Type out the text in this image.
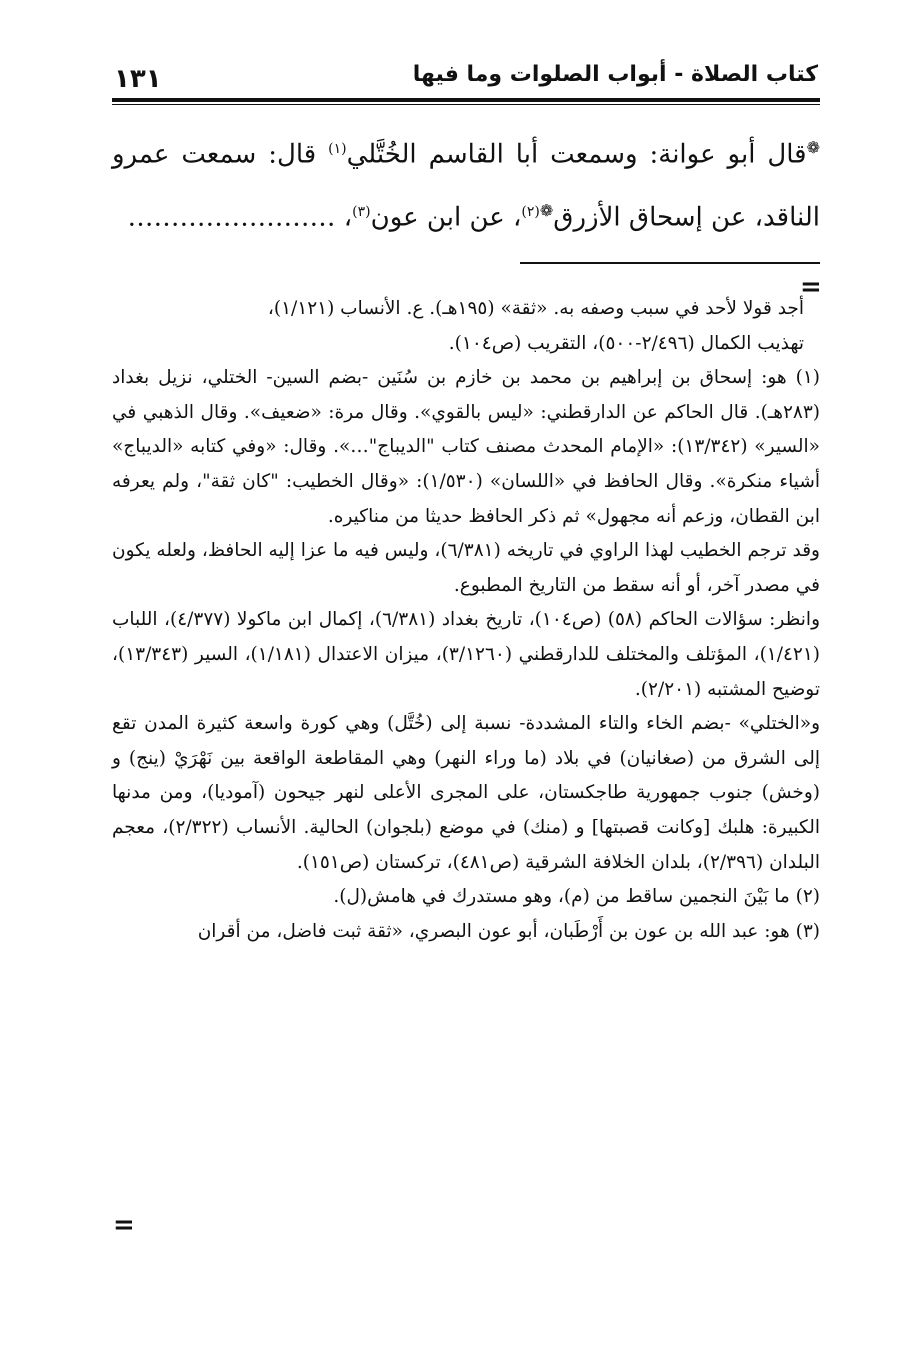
١٣١	كتاب الصلاة - أبواب الصلوات وما فيها

❁قال أبو عوانة: وسمعت أبا القاسم الخُتَّلي$^{(١)}$ قال: سمعت عمرو الناقد، عن إسحاق الأزرق$^{❁(٢)}$، عن ابن عون$^{(٣)}$، ……………………

=

أجد قولا لأحد في سبب وصفه به. «ثقة» (١٩٥هـ). ع. الأنساب (١/١٢١)،

تهذيب الكمال (٢/٤٩٦-٥٠٠)، التقريب (ص١٠٤).

(١) هو: إسحاق بن إبراهيم بن محمد بن خازم بن سُنَين -بضم السين- الختلي، نزيل بغداد (٢٨٣هـ). قال الحاكم عن الدارقطني: «ليس بالقوي». وقال مرة: «ضعيف». وقال الذهبي في «السير» (١٣/٣٤٢): «الإمام المحدث مصنف كتاب "الديباج"…». وقال: «وفي كتابه «الديباج» أشياء منكرة». وقال الحافظ في «اللسان» (١/٥٣٠): «وقال الخطيب: "كان ثقة"، ولم يعرفه ابن القطان، وزعم أنه مجهول» ثم ذكر الحافظ حديثا من مناكيره.

وقد ترجم الخطيب لهذا الراوي في تاريخه (٦/٣٨١)، وليس فيه ما عزا إليه الحافظ، ولعله يكون في مصدر آخر، أو أنه سقط من التاريخ المطبوع.

وانظر: سؤالات الحاكم (٥٨) (ص١٠٤)، تاريخ بغداد (٦/٣٨١)، إكمال ابن ماكولا (٤/٣٧٧)، اللباب (١/٤٢١)، المؤتلف والمختلف للدارقطني (٣/١٢٦٠)، ميزان الاعتدال (١/١٨١)، السير (١٣/٣٤٣)، توضيح المشتبه (٢/٢٠١).

و«الختلي» -بضم الخاء والتاء المشددة- نسبة إلى (خُتَّل) وهي كورة واسعة كثيرة المدن تقع إلى الشرق من (صغانيان) في بلاد (ما وراء النهر) وهي المقاطعة الواقعة بين نَهْرَيْ (ينج) و (وخش) جنوب جمهورية طاجكستان، على المجرى الأعلى لنهر جيحون (آموديا)، ومن مدنها الكبيرة: هلبك [وكانت قصبتها] و (منك) في موضع (بلجوان) الحالية. الأنساب (٢/٣٢٢)، معجم البلدان (٢/٣٩٦)، بلدان الخلافة الشرقية (ص٤٨١)، تركستان (ص١٥١).

(٢) ما بَيْنَ النجمين ساقط من (م)، وهو مستدرك في هامش(ل).

(٣) هو: عبد الله بن عون بن أَرْطَبان، أبو عون البصري، «ثقة ثبت فاضل، من أقران

=
